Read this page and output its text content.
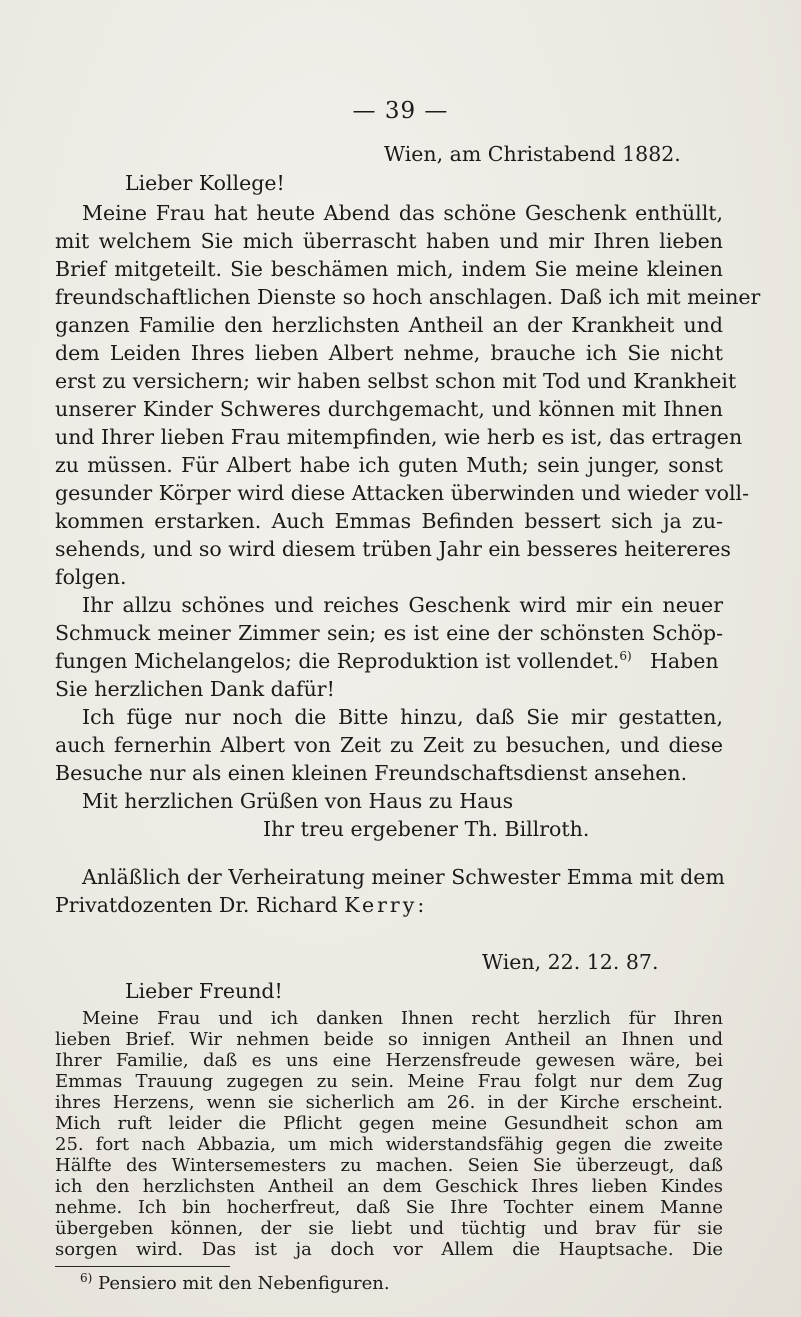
— 39 —
Wien, am Christabend 1882.
Lieber Kollege!
Meine Frau hat heute Abend das schöne Geschenk enthüllt,
mit welchem Sie mich überrascht haben und mir Ihren lieben
Brief mitgeteilt. Sie beschämen mich, indem Sie meine kleinen
freundschaftlichen Dienste so hoch anschlagen. Daß ich mit meiner
ganzen Familie den herzlichsten Antheil an der Krankheit und
dem Leiden Ihres lieben Albert nehme, brauche ich Sie nicht
erst zu versichern; wir haben selbst schon mit Tod und Krankheit
unserer Kinder Schweres durchgemacht, und können mit Ihnen
und Ihrer lieben Frau mitempfinden, wie herb es ist, das ertragen
zu müssen. Für Albert habe ich guten Muth; sein junger, sonst
gesunder Körper wird diese Attacken überwinden und wieder voll-
kommen erstarken. Auch Emmas Befinden bessert sich ja zu-
sehends, und so wird diesem trüben Jahr ein besseres heitereres
folgen.
Ihr allzu schönes und reiches Geschenk wird mir ein neuer
Schmuck meiner Zimmer sein; es ist eine der schönsten Schöp-
fungen Michelangelos; die Reproduktion ist vollendet.$^{6)}$ Haben
Sie herzlichen Dank dafür!
Ich füge nur noch die Bitte hinzu, daß Sie mir gestatten,
auch fernerhin Albert von Zeit zu Zeit zu besuchen, und diese
Besuche nur als einen kleinen Freundschaftsdienst ansehen.
Mit herzlichen Grüßen von Haus zu Haus
Ihr treu ergebener Th. Billroth.
Anläßlich der Verheiratung meiner Schwester Emma mit dem
Privatdozenten Dr. Richard Kerry:
Wien, 22. 12. 87.
Lieber Freund!
Meine Frau und ich danken Ihnen recht herzlich für Ihren
lieben Brief. Wir nehmen beide so innigen Antheil an Ihnen und
Ihrer Familie, daß es uns eine Herzensfreude gewesen wäre, bei
Emmas Trauung zugegen zu sein. Meine Frau folgt nur dem Zug
ihres Herzens, wenn sie sicherlich am 26. in der Kirche erscheint.
Mich ruft leider die Pflicht gegen meine Gesundheit schon am
25. fort nach Abbazia, um mich widerstandsfähig gegen die zweite
$^{6)}$ Pensiero mit den Nebenfiguren.
Hälfte des Wintersemesters zu machen. Seien Sie überzeugt, daß
ich den herzlichsten Antheil an dem Geschick Ihres lieben Kindes
nehme. Ich bin hocherfreut, daß Sie Ihre Tochter einem Manne
übergeben können, der sie liebt und tüchtig und brav für sie
sorgen wird. Das ist ja doch vor Allem die Hauptsache. Die
